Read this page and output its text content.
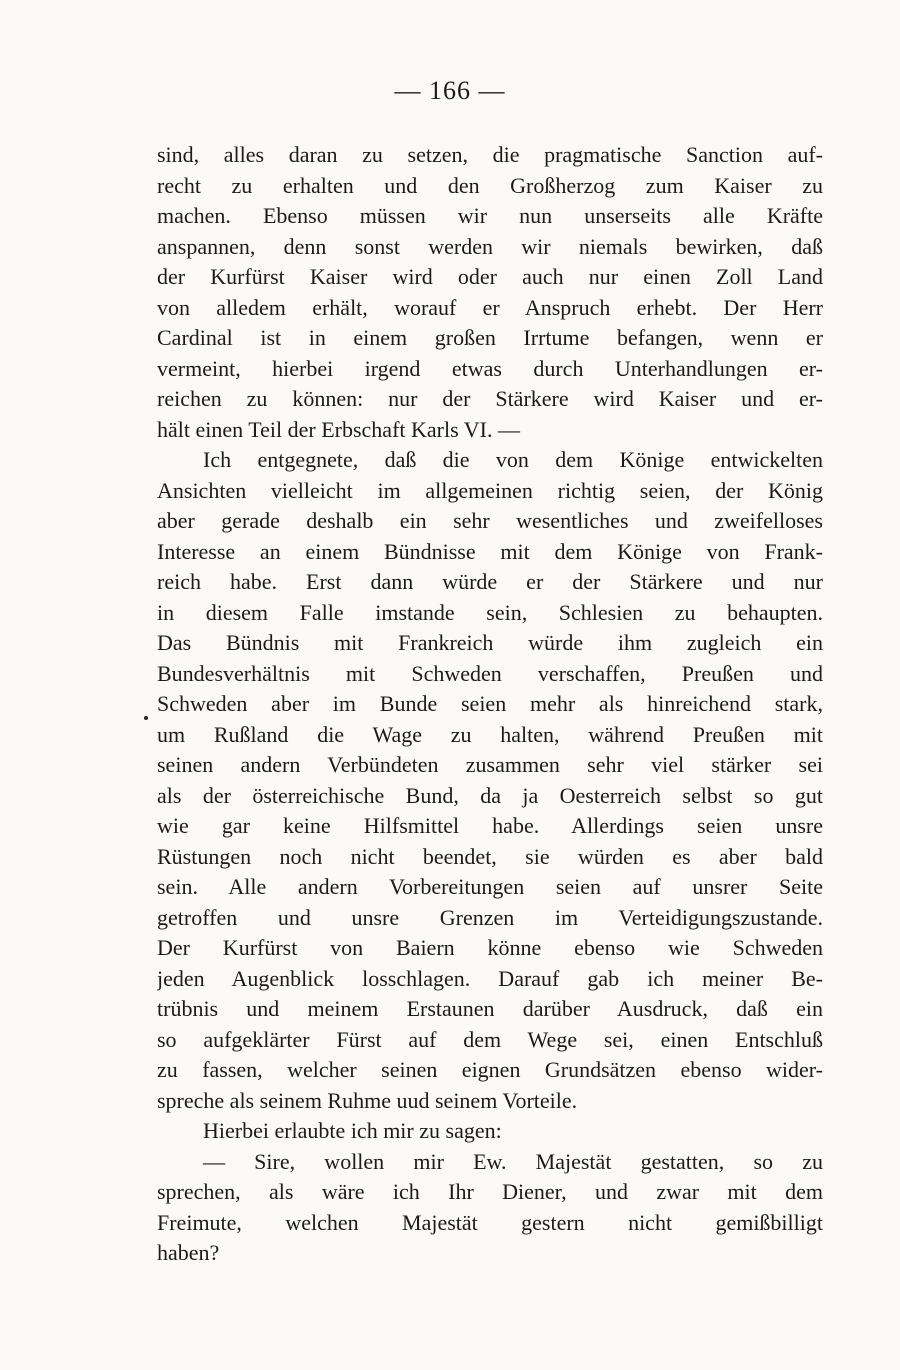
— 166 —
sind, alles daran zu setzen, die pragmatische Sanction auf-
recht zu erhalten und den Großherzog zum Kaiser zu
machen. Ebenso müssen wir nun unserseits alle Kräfte
anspannen, denn sonst werden wir niemals bewirken, daß
der Kurfürst Kaiser wird oder auch nur einen Zoll Land
von alledem erhält, worauf er Anspruch erhebt. Der Herr
Cardinal ist in einem großen Irrtume befangen, wenn er
vermeint, hierbei irgend etwas durch Unterhandlungen er-
reichen zu können: nur der Stärkere wird Kaiser und er-
hält einen Teil der Erbschaft Karls VI. —
Ich entgegnete, daß die von dem Könige entwickelten
Ansichten vielleicht im allgemeinen richtig seien, der König
aber gerade deshalb ein sehr wesentliches und zweifelloses
Interesse an einem Bündnisse mit dem Könige von Frank-
reich habe. Erst dann würde er der Stärkere und nur
in diesem Falle imstande sein, Schlesien zu behaupten.
Das Bündnis mit Frankreich würde ihm zugleich ein
Bundesverhältnis mit Schweden verschaffen, Preußen und
Schweden aber im Bunde seien mehr als hinreichend stark,
um Rußland die Wage zu halten, während Preußen mit
seinen andern Verbündeten zusammen sehr viel stärker sei
als der österreichische Bund, da ja Oesterreich selbst so gut
wie gar keine Hilfsmittel habe. Allerdings seien unsre
Rüstungen noch nicht beendet, sie würden es aber bald
sein. Alle andern Vorbereitungen seien auf unsrer Seite
getroffen und unsre Grenzen im Verteidigungszustande.
Der Kurfürst von Baiern könne ebenso wie Schweden
jeden Augenblick losschlagen. Darauf gab ich meiner Be-
trübnis und meinem Erstaunen darüber Ausdruck, daß ein
so aufgeklärter Fürst auf dem Wege sei, einen Entschluß
zu fassen, welcher seinen eignen Grundsätzen ebenso wider-
spreche als seinem Ruhme uud seinem Vorteile.
Hierbei erlaubte ich mir zu sagen:
— Sire, wollen mir Ew. Majestät gestatten, so zu
sprechen, als wäre ich Ihr Diener, und zwar mit dem
Freimute, welchen Majestät gestern nicht gemißbilligt
haben?
